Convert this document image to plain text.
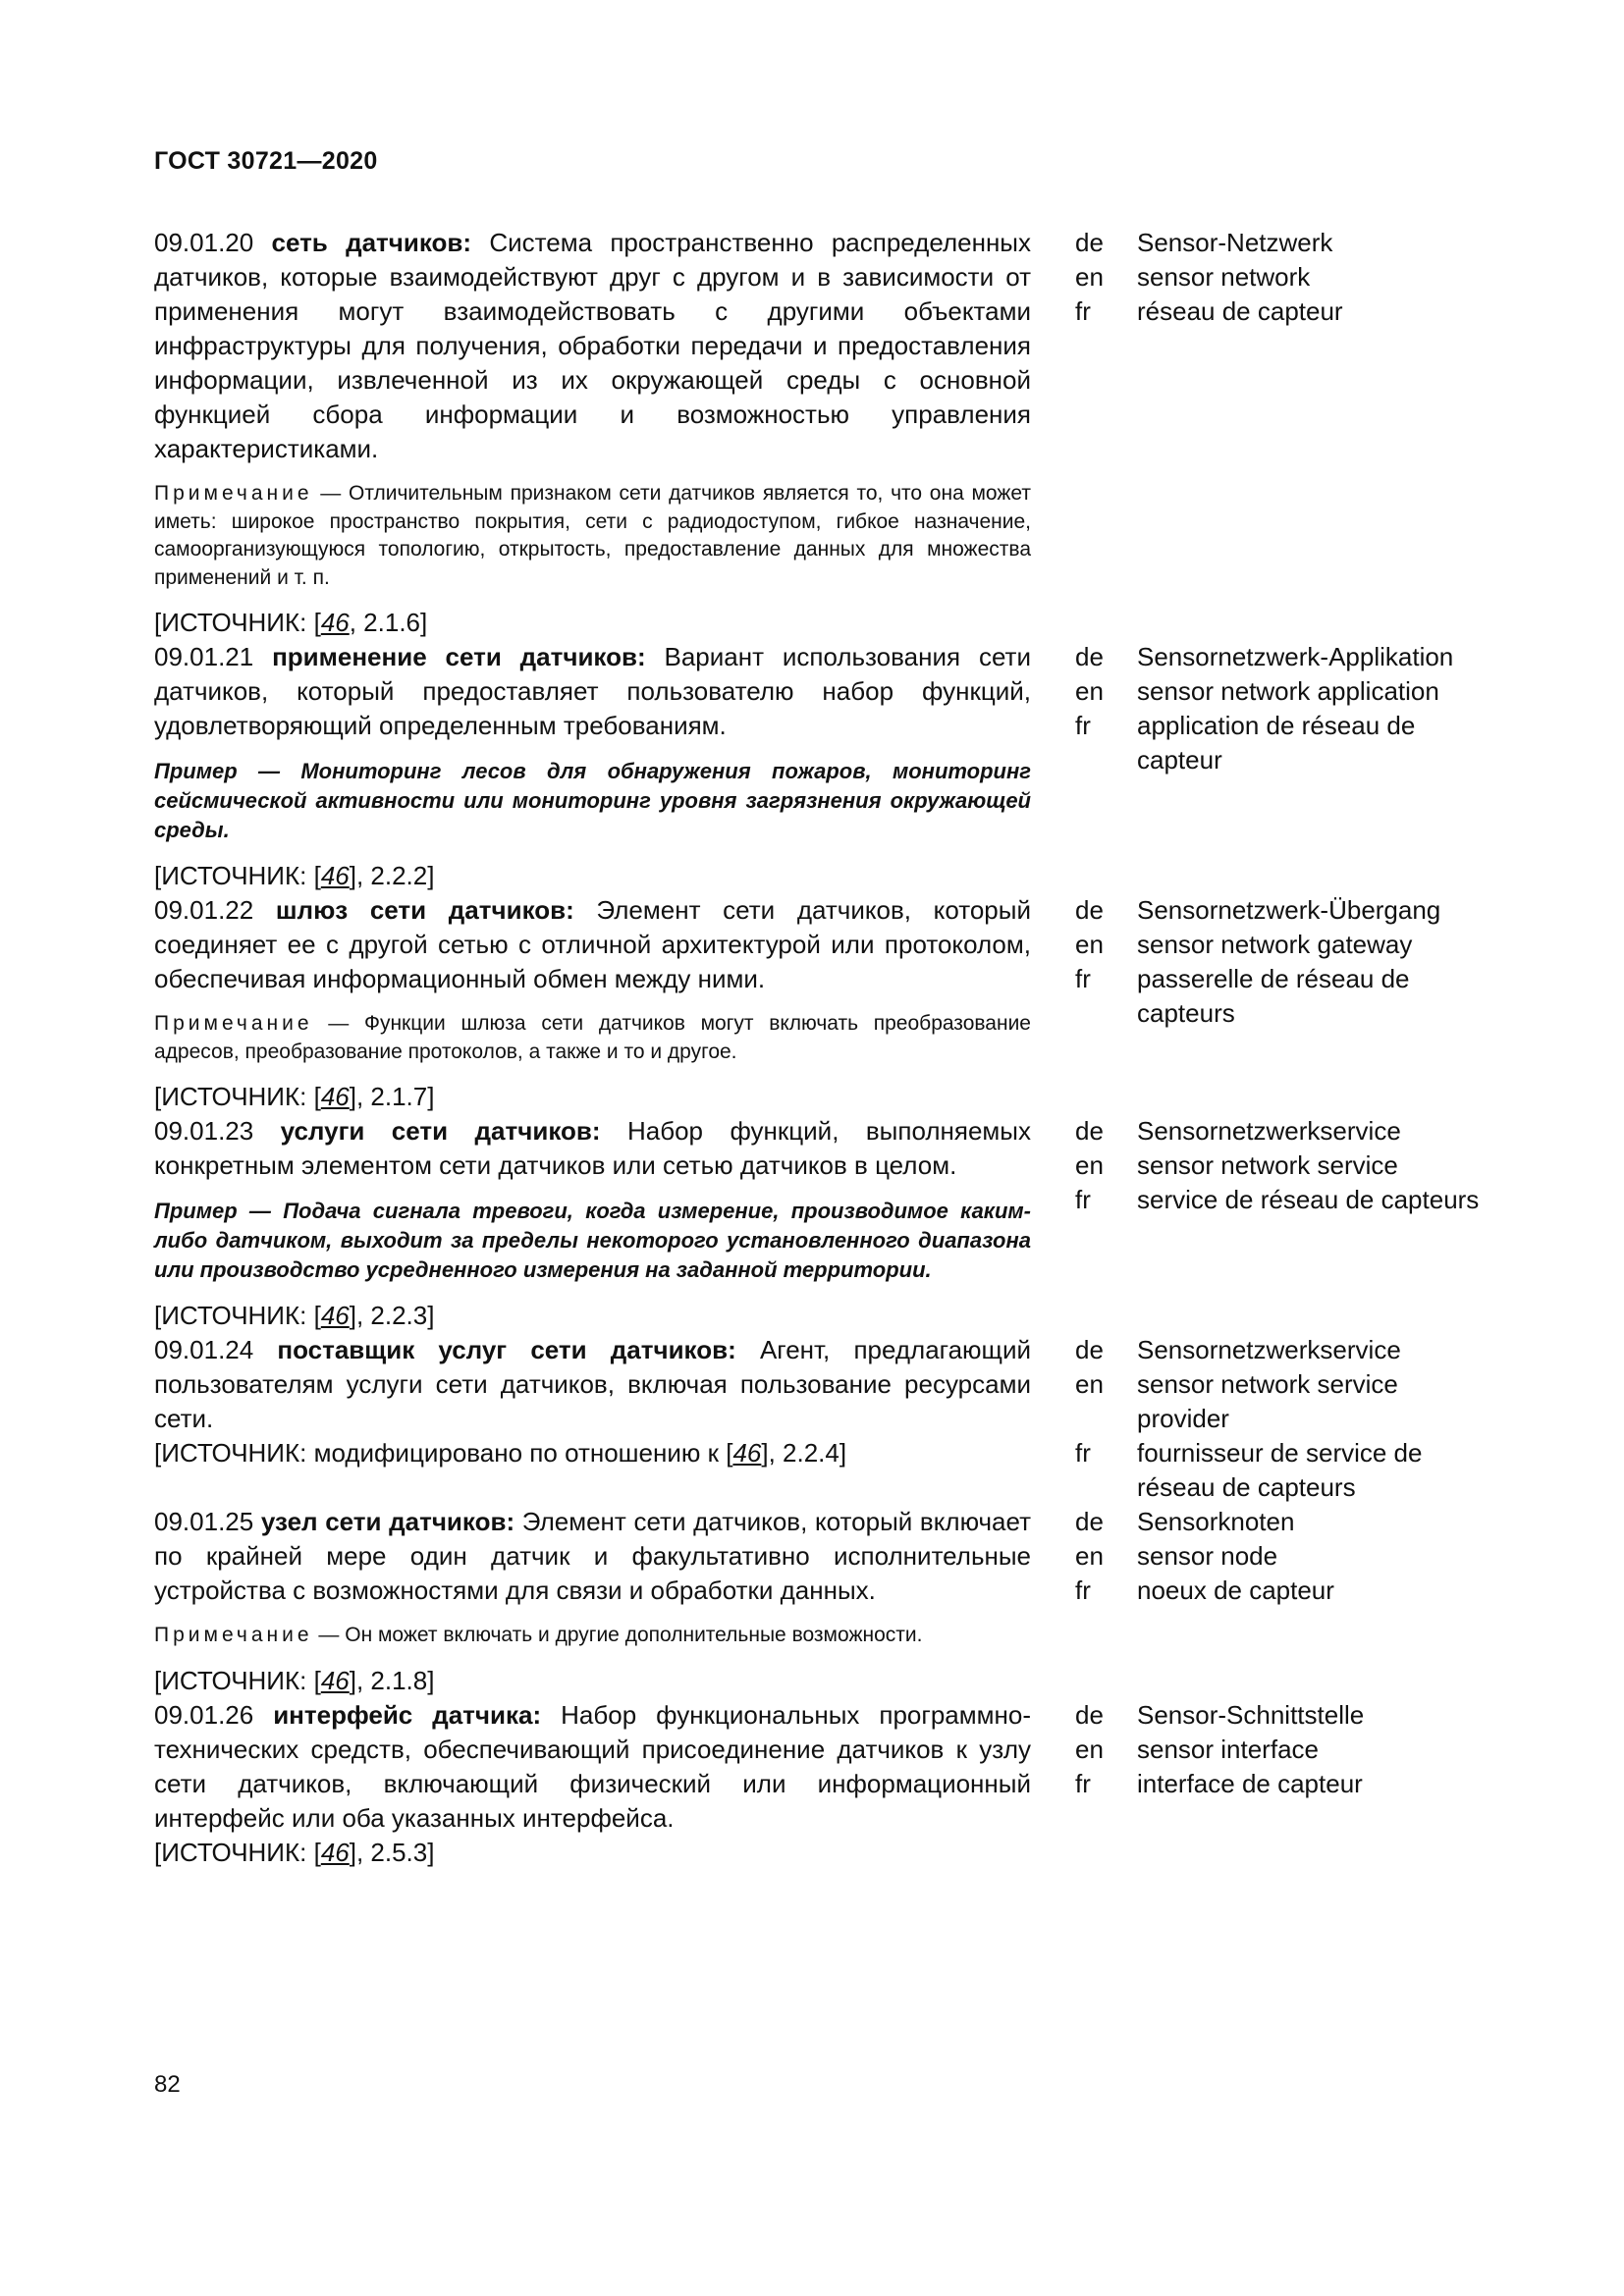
ГОСТ 30721—2020
09.01.20 сеть датчиков: Система пространственно распределенных датчиков, которые взаимодействуют друг с другом и в зависимости от применения могут взаимодействовать с другими объектами инфраструктуры для получения, обработки передачи и предоставления информации, извлеченной из их окружающей среды с основной функцией сбора информации и возможностью управления характеристиками.
Примечание — Отличительным признаком сети датчиков является то, что она может иметь: широкое пространство покрытия, сети с радиодоступом, гибкое назначение, самоорганизующуюся топологию, открытость, предоставление данных для множества применений и т. п.
[ИСТОЧНИК: [46, 2.1.6]
de	Sensor-Netzwerk
en	sensor network
fr	réseau de capteur
09.01.21 применение сети датчиков: Вариант использования сети датчиков, который предоставляет пользователю набор функций, удовлетворяющий определенным требованиям.
Пример — Мониторинг лесов для обнаружения пожаров, мониторинг сейсмической активности или мониторинг уровня загрязнения окружающей среды.
[ИСТОЧНИК: [46], 2.2.2]
de	Sensornetzwerk-Applikation
en	sensor network application
fr	application de réseau de capteur
09.01.22 шлюз сети датчиков: Элемент сети датчиков, который соединяет ее с другой сетью с отличной архитектурой или протоколом, обеспечивая информационный обмен между ними.
Примечание — Функции шлюза сети датчиков могут включать преобразование адресов, преобразование протоколов, а также и то и другое.
[ИСТОЧНИК: [46], 2.1.7]
de	Sensornetzwerk-Übergang
en	sensor network gateway
fr	passerelle de réseau de capteurs
09.01.23 услуги сети датчиков: Набор функций, выполняемых конкретным элементом сети датчиков или сетью датчиков в целом.
Пример — Подача сигнала тревоги, когда измерение, производимое каким-либо датчиком, выходит за пределы некоторого установленного диапазона или производство усредненного измерения на заданной территории.
[ИСТОЧНИК: [46], 2.2.3]
de	Sensornetzwerkservice
en	sensor network service
fr	service de réseau de capteurs
09.01.24 поставщик услуг сети датчиков: Агент, предлагающий пользователям услуги сети датчиков, включая пользование ресурсами сети.
[ИСТОЧНИК: модифицировано по отношению к [46], 2.2.4]
de	Sensornetzwerkservice
en	sensor network service provider
fr	fournisseur de service de réseau de capteurs
09.01.25 узел сети датчиков: Элемент сети датчиков, который включает по крайней мере один датчик и факультативно исполнительные устройства с возможностями для связи и обработки данных.
Примечание — Он может включать и другие дополнительные возможности.
[ИСТОЧНИК: [46], 2.1.8]
de	Sensorknoten
en	sensor node
fr	noeux de capteur
09.01.26 интерфейс датчика: Набор функциональных программно-технических средств, обеспечивающий присоединение датчиков к узлу сети датчиков, включающий физический или информационный интерфейс или оба указанных интерфейса.
[ИСТОЧНИК: [46], 2.5.3]
de	Sensor-Schnittstelle
en	sensor interface
fr	interface de capteur
82
